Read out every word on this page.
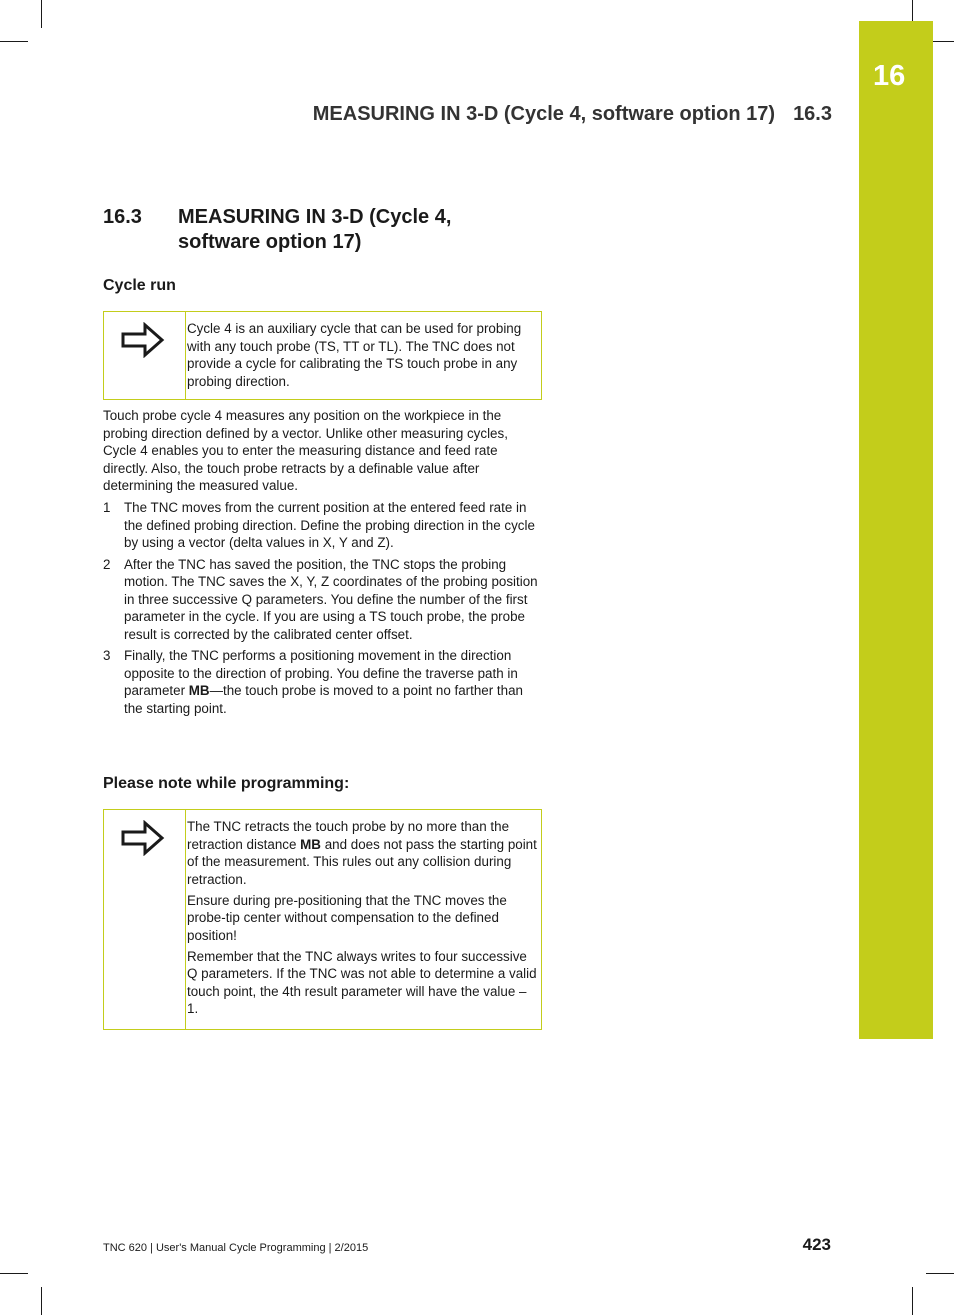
16
MEASURING IN 3-D (Cycle 4, software option 17) 16.3
16.3 MEASURING IN 3-D (Cycle 4, software option 17)
Cycle run

Cycle 4 is an auxiliary cycle that can be used for probing with any touch probe (TS, TT or TL). The TNC does not provide a cycle for calibrating the TS touch probe in any probing direction.

Touch probe cycle 4 measures any position on the workpiece in the probing direction defined by a vector. Unlike other measuring cycles, Cycle 4 enables you to enter the measuring distance and feed rate directly. Also, the touch probe retracts by a definable value after determining the measured value.
1 The TNC moves from the current position at the entered feed rate in the defined probing direction. Define the probing direction in the cycle by using a vector (delta values in X, Y and Z).
2 After the TNC has saved the position, the TNC stops the probing motion. The TNC saves the X, Y, Z coordinates of the probing position in three successive Q parameters. You define the number of the first parameter in the cycle. If you are using a TS touch probe, the probe result is corrected by the calibrated center offset.
3 Finally, the TNC performs a positioning movement in the direction opposite to the direction of probing. You define the traverse path in parameter MB—the touch probe is moved to a point no farther than the starting point.
Please note while programming:

The TNC retracts the touch probe by no more than the retraction distance MB and does not pass the starting point of the measurement. This rules out any collision during retraction.

Ensure during pre-positioning that the TNC moves the probe-tip center without compensation to the defined position!

Remember that the TNC always writes to four successive Q parameters. If the TNC was not able to determine a valid touch point, the 4th result parameter will have the value –1.

TNC 620 | User's Manual Cycle Programming | 2/2015	423
